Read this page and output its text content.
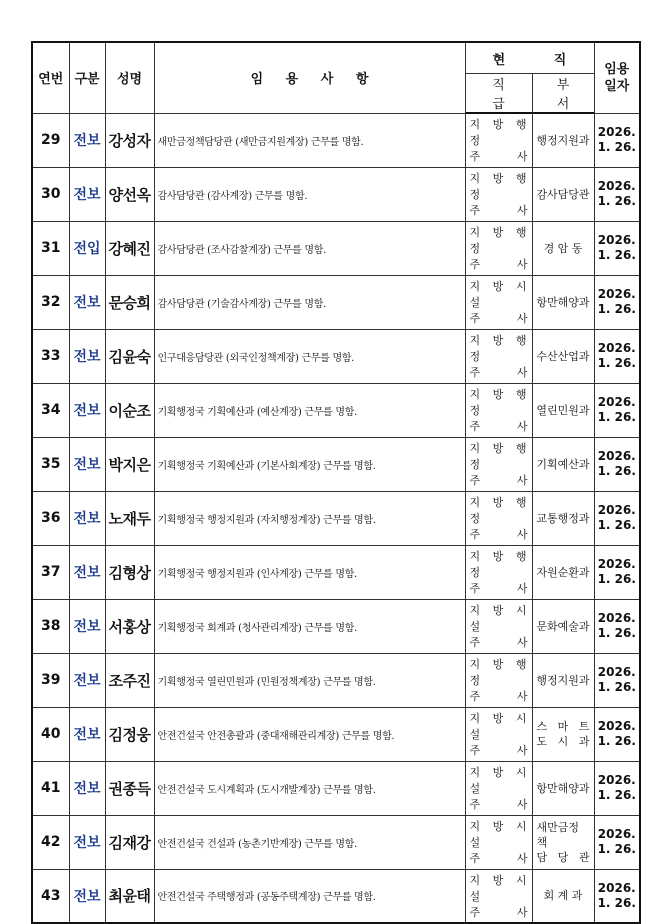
연번	구분	성명	임 용 사 항	현 직		임용
일자
				직 급	부 서	
29	전보	강성자	새만금정책담당관 (새만금지원계장) 근무를 명함.	지 방 행 정
주 사	행정지원과	2026.
1. 26.
30	전보	양선옥	감사담당관 (감사계장) 근무를 명함.	지 방 행 정
주 사	감사담당관	2026.
1. 26.
31	전입	강혜진	감사담당관 (조사감찰계장) 근무를 명함.	지 방 행 정
주 사	경 암 동	2026.
1. 26.
32	전보	문승희	감사담당관 (기술감사계장) 근무를 명함.	지 방 시 설
주 사	항만해양과	2026.
1. 26.
33	전보	김윤숙	인구대응담당관 (외국인정책계장) 근무를 명함.	지 방 행 정
주 사	수산산업과	2026.
1. 26.
34	전보	이순조	기획행정국 기획예산과 (예산계장) 근무를 명함.	지 방 행 정
주 사	열린민원과	2026.
1. 26.
35	전보	박지은	기획행정국 기획예산과 (기본사회계장) 근무를 명함.	지 방 행 정
주 사	기획예산과	2026.
1. 26.
36	전보	노재두	기획행정국 행정지원과 (자치행정계장) 근무를 명함.	지 방 행 정
주 사	교통행정과	2026.
1. 26.
37	전보	김형상	기획행정국 행정지원과 (인사계장) 근무를 명함.	지 방 행 정
주 사	자원순환과	2026.
1. 26.
38	전보	서홍상	기획행정국 회계과 (청사관리계장) 근무를 명함.	지 방 시 설
주 사	문화예술과	2026.
1. 26.
39	전보	조주진	기획행정국 열린민원과 (민원정책계장) 근무를 명함.	지 방 행 정
주 사	행정지원과	2026.
1. 26.
40	전보	김정웅	안전건설국 안전총괄과 (중대재해관리계장) 근무를 명함.	지 방 시 설
주 사	스 마 트
도 시 과	2026.
1. 26.
41	전보	권종득	안전건설국 도시계획과 (도시개발계장) 근무를 명함.	지 방 시 설
주 사	항만해양과	2026.
1. 26.
42	전보	김재강	안전건설국 건설과 (농촌기반계장) 근무를 명함.	지 방 시 설
주 사	새만금정책
담 당 관	2026.
1. 26.
43	전보	최윤태	안전건설국 주택행정과 (공동주택계장) 근무를 명함.	지 방 시 설
주 사	회 계 과	2026.
1. 26.
